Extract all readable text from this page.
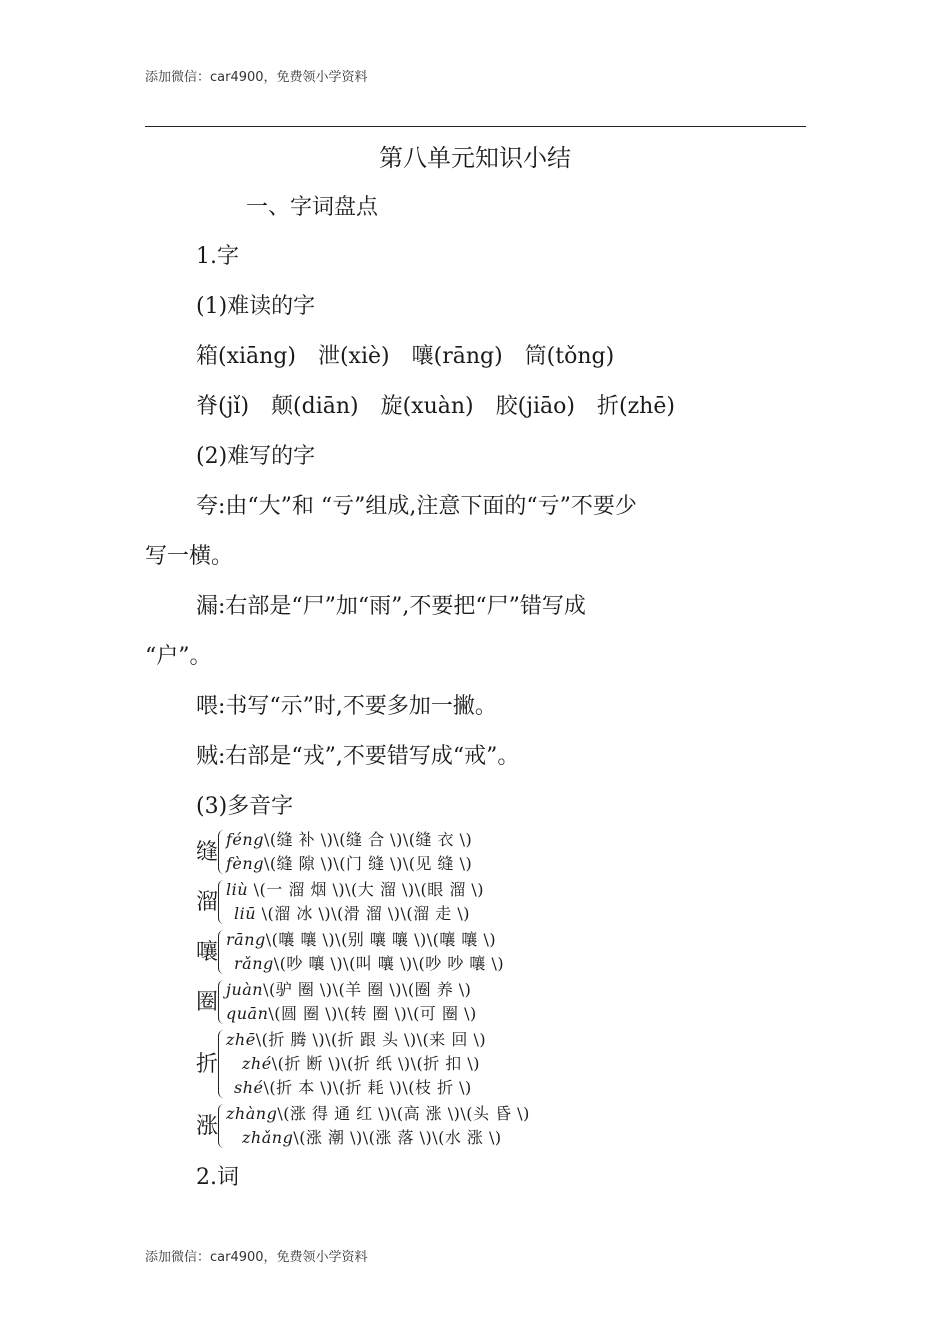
添加微信：car4900，免费领小学资料
第八单元知识小结
一、字词盘点
1.字
(1)难读的字
箱(xiāng)　泄(xiè)　嚷(rāng)　筒(tǒng)
脊(jǐ)　颠(diān)　旋(xuàn)　胶(jiāo)　折(zhē)
(2)难写的字
夸:由“大”和 “亏”组成,注意下面的“亏”不要少
写一横。
漏:右部是“尸”加“雨”,不要把“尸”错写成
“户”。
喂:书写“⽰”时,不要多加一撇。
贼:右部是“戎”,不要错写成“戒”。
(3)多音字
缝
féng\(缝 补 \)\(缝 合 \)\(缝 衣 \)
fèng\(缝 隙 \)\(门 缝 \)\(见 缝 \)
溜
liù \(一 溜 烟 \)\(大 溜 \)\(眼 溜 \)
liū \(溜 冰 \)\(滑 溜 \)\(溜 走 \)
嚷
rāng\(嚷 嚷 \)\(别 嚷 嚷 \)\(嚷 嚷 \)
rǎng\(吵 嚷 \)\(叫 嚷 \)\(吵 吵 嚷 \)
圈
juàn\(驴 圈 \)\(羊 圈 \)\(圈 养 \)
quān\(圆 圈 \)\(转 圈 \)\(可 圈 \)
折
zhē\(折 腾 \)\(折 跟 头 \)\(来 回 \)
zhé\(折 断 \)\(折 纸 \)\(折 扣 \)
shé\(折 本 \)\(折 耗 \)\(枝 折 \)
涨
zhàng\(涨 得 通 红 \)\(高 涨 \)\(头 昏 \)
zhǎng\(涨 潮 \)\(涨 落 \)\(水 涨 \)
2.词
添加微信：car4900，免费领小学资料
